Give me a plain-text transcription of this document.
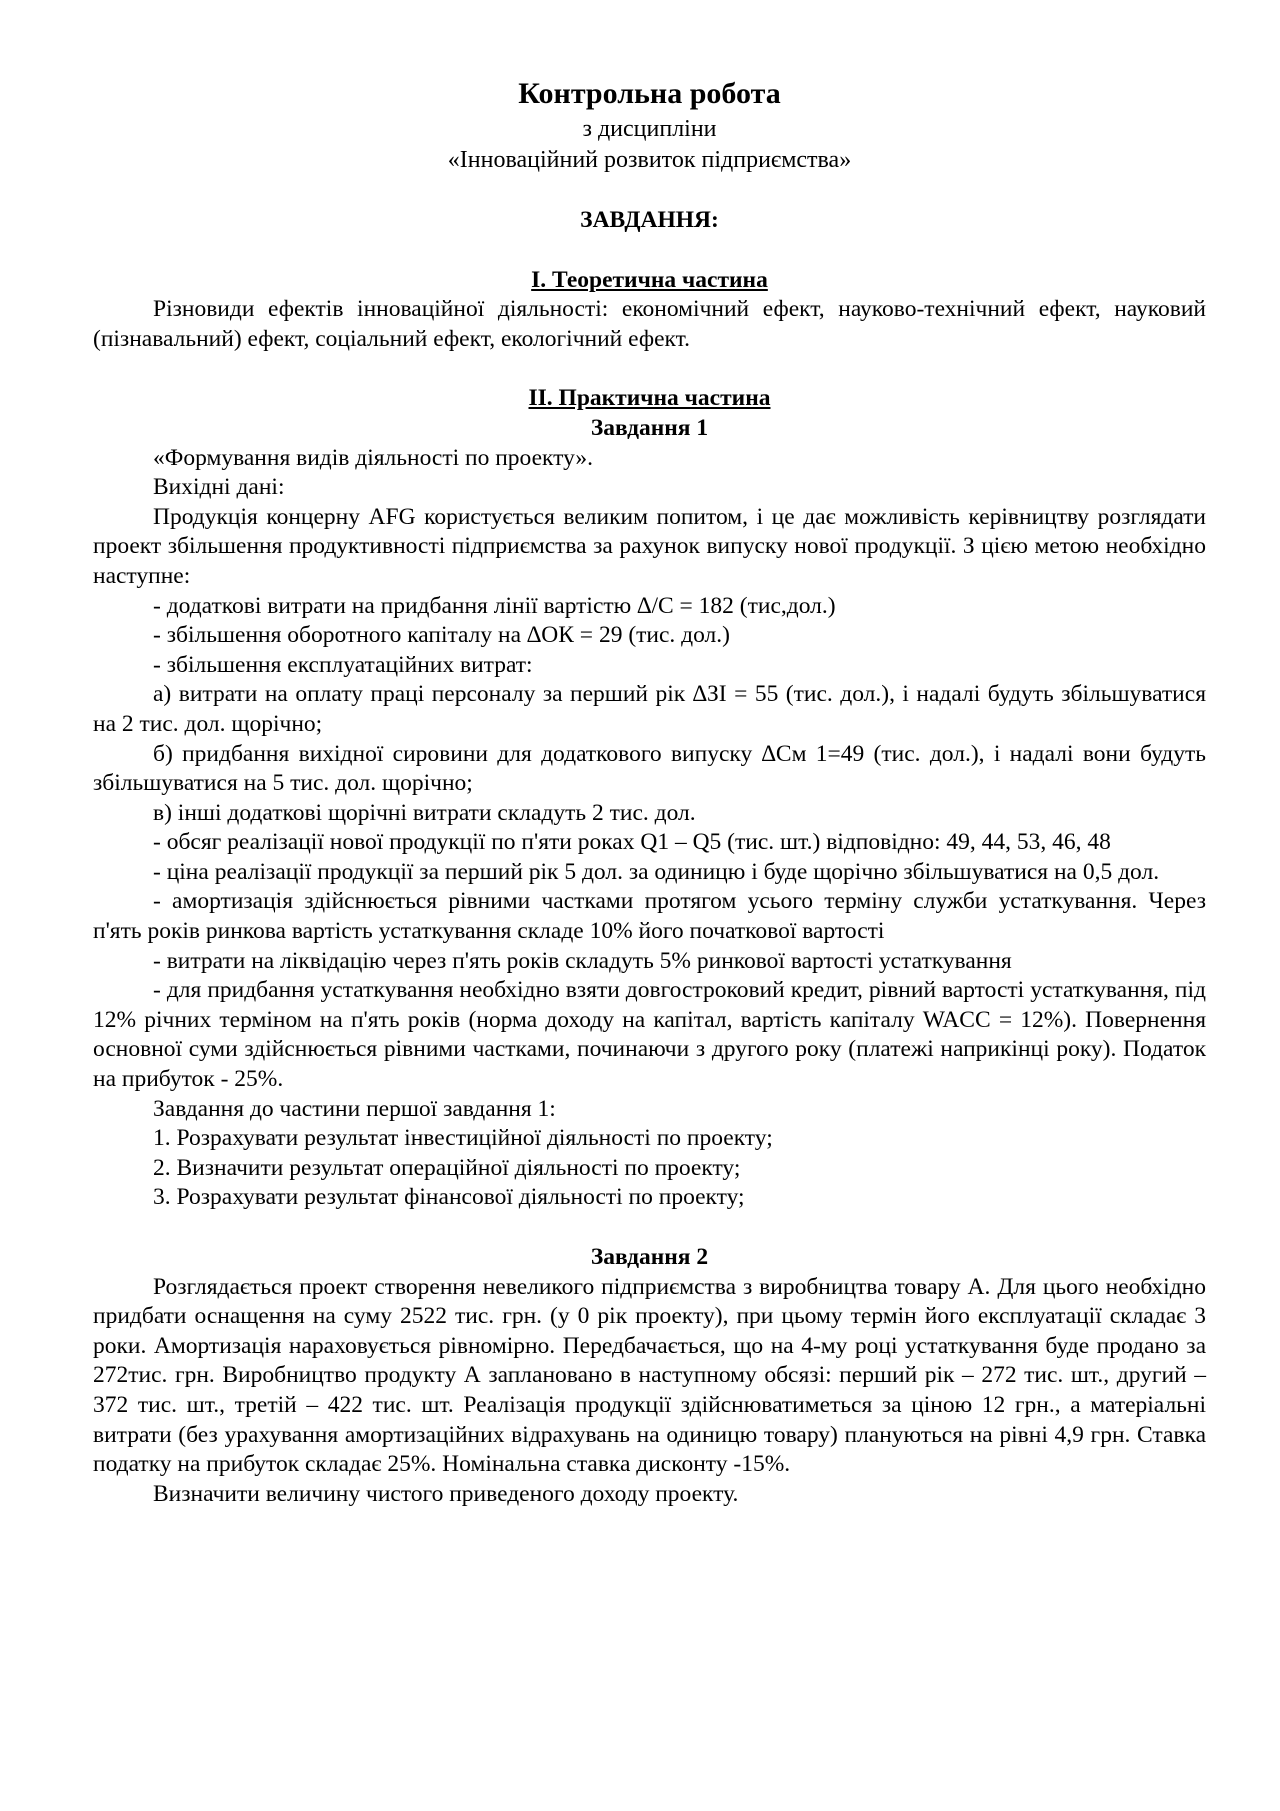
Контрольна робота

з дисципліни

«Інноваційний розвиток підприємства»

ЗАВДАННЯ:

І. Теоретична частина

Різновиди ефектів інноваційної діяльності: економічний ефект, науково-технічний ефект, науковий (пізнавальний) ефект, соціальний ефект, екологічний ефект.

ІІ. Практична частина

Завдання 1

«Формування видів діяльності по проекту».

Вихідні дані:

Продукція концерну AFG користується великим попитом, і це дає можливість керівництву розглядати проект збільшення продуктивності підприємства за рахунок випуску нової продукції. З цією метою необхідно наступне:

- додаткові витрати на придбання лінії вартістю ∆/С = 182 (тис,дол.)

- збільшення оборотного капіталу на ∆ОК = 29 (тис. дол.)

- збільшення експлуатаційних витрат:

а) витрати на оплату праці персоналу за перший рік ∆ЗІ = 55 (тис. дол.), і надалі будуть збільшуватися на 2 тис. дол. щорічно;

б) придбання вихідної сировини для додаткового випуску ∆См 1=49 (тис. дол.), і надалі вони будуть збільшуватися на 5 тис. дол. щорічно;

в) інші додаткові щорічні витрати складуть 2 тис. дол.

- обсяг реалізації нової продукції по п'яти роках Q1 – Q5 (тис. шт.) відповідно: 49, 44, 53, 46, 48

- ціна реалізації продукції за перший рік 5 дол. за одиницю і буде щорічно збільшуватися на 0,5 дол.

- амортизація здійснюється рівними частками протягом усього терміну служби устаткування. Через п'ять років ринкова вартість устаткування складе 10% його початкової вартості

- витрати на ліквідацію через п'ять років складуть 5% ринкової вартості устаткування

- для придбання устаткування необхідно взяти довгостроковий кредит, рівний вартості устаткування, під 12% річних терміном на п'ять років (норма доходу на капітал, вартість капіталу WACC = 12%). Повернення основної суми здійснюється рівними частками, починаючи з другого року (платежі наприкінці року). Податок на прибуток - 25%.

Завдання до частини першої завдання 1:

1. Розрахувати результат інвестиційної діяльності по проекту;

2. Визначити результат операційної діяльності по проекту;

3. Розрахувати результат фінансової діяльності по проекту;

Завдання 2

Розглядається проект створення невеликого підприємства з виробництва товару А. Для цього необхідно придбати оснащення на суму 2522 тис. грн. (у 0 рік проекту), при цьому термін його експлуатації складає 3 роки. Амортизація нараховується рівномірно. Передбачається, що на 4-му році устаткування буде продано за 272тис. грн. Виробництво продукту А заплановано в наступному обсязі: перший рік – 272 тис. шт., другий – 372 тис. шт., третій – 422 тис. шт. Реалізація продукції здійснюватиметься за ціною 12 грн., а матеріальні витрати (без урахування амортизаційних відрахувань на одиницю товару) плануються на рівні 4,9 грн. Ставка податку на прибуток складає 25%. Номінальна ставка дисконту -15%.

Визначити величину чистого приведеного доходу проекту.
